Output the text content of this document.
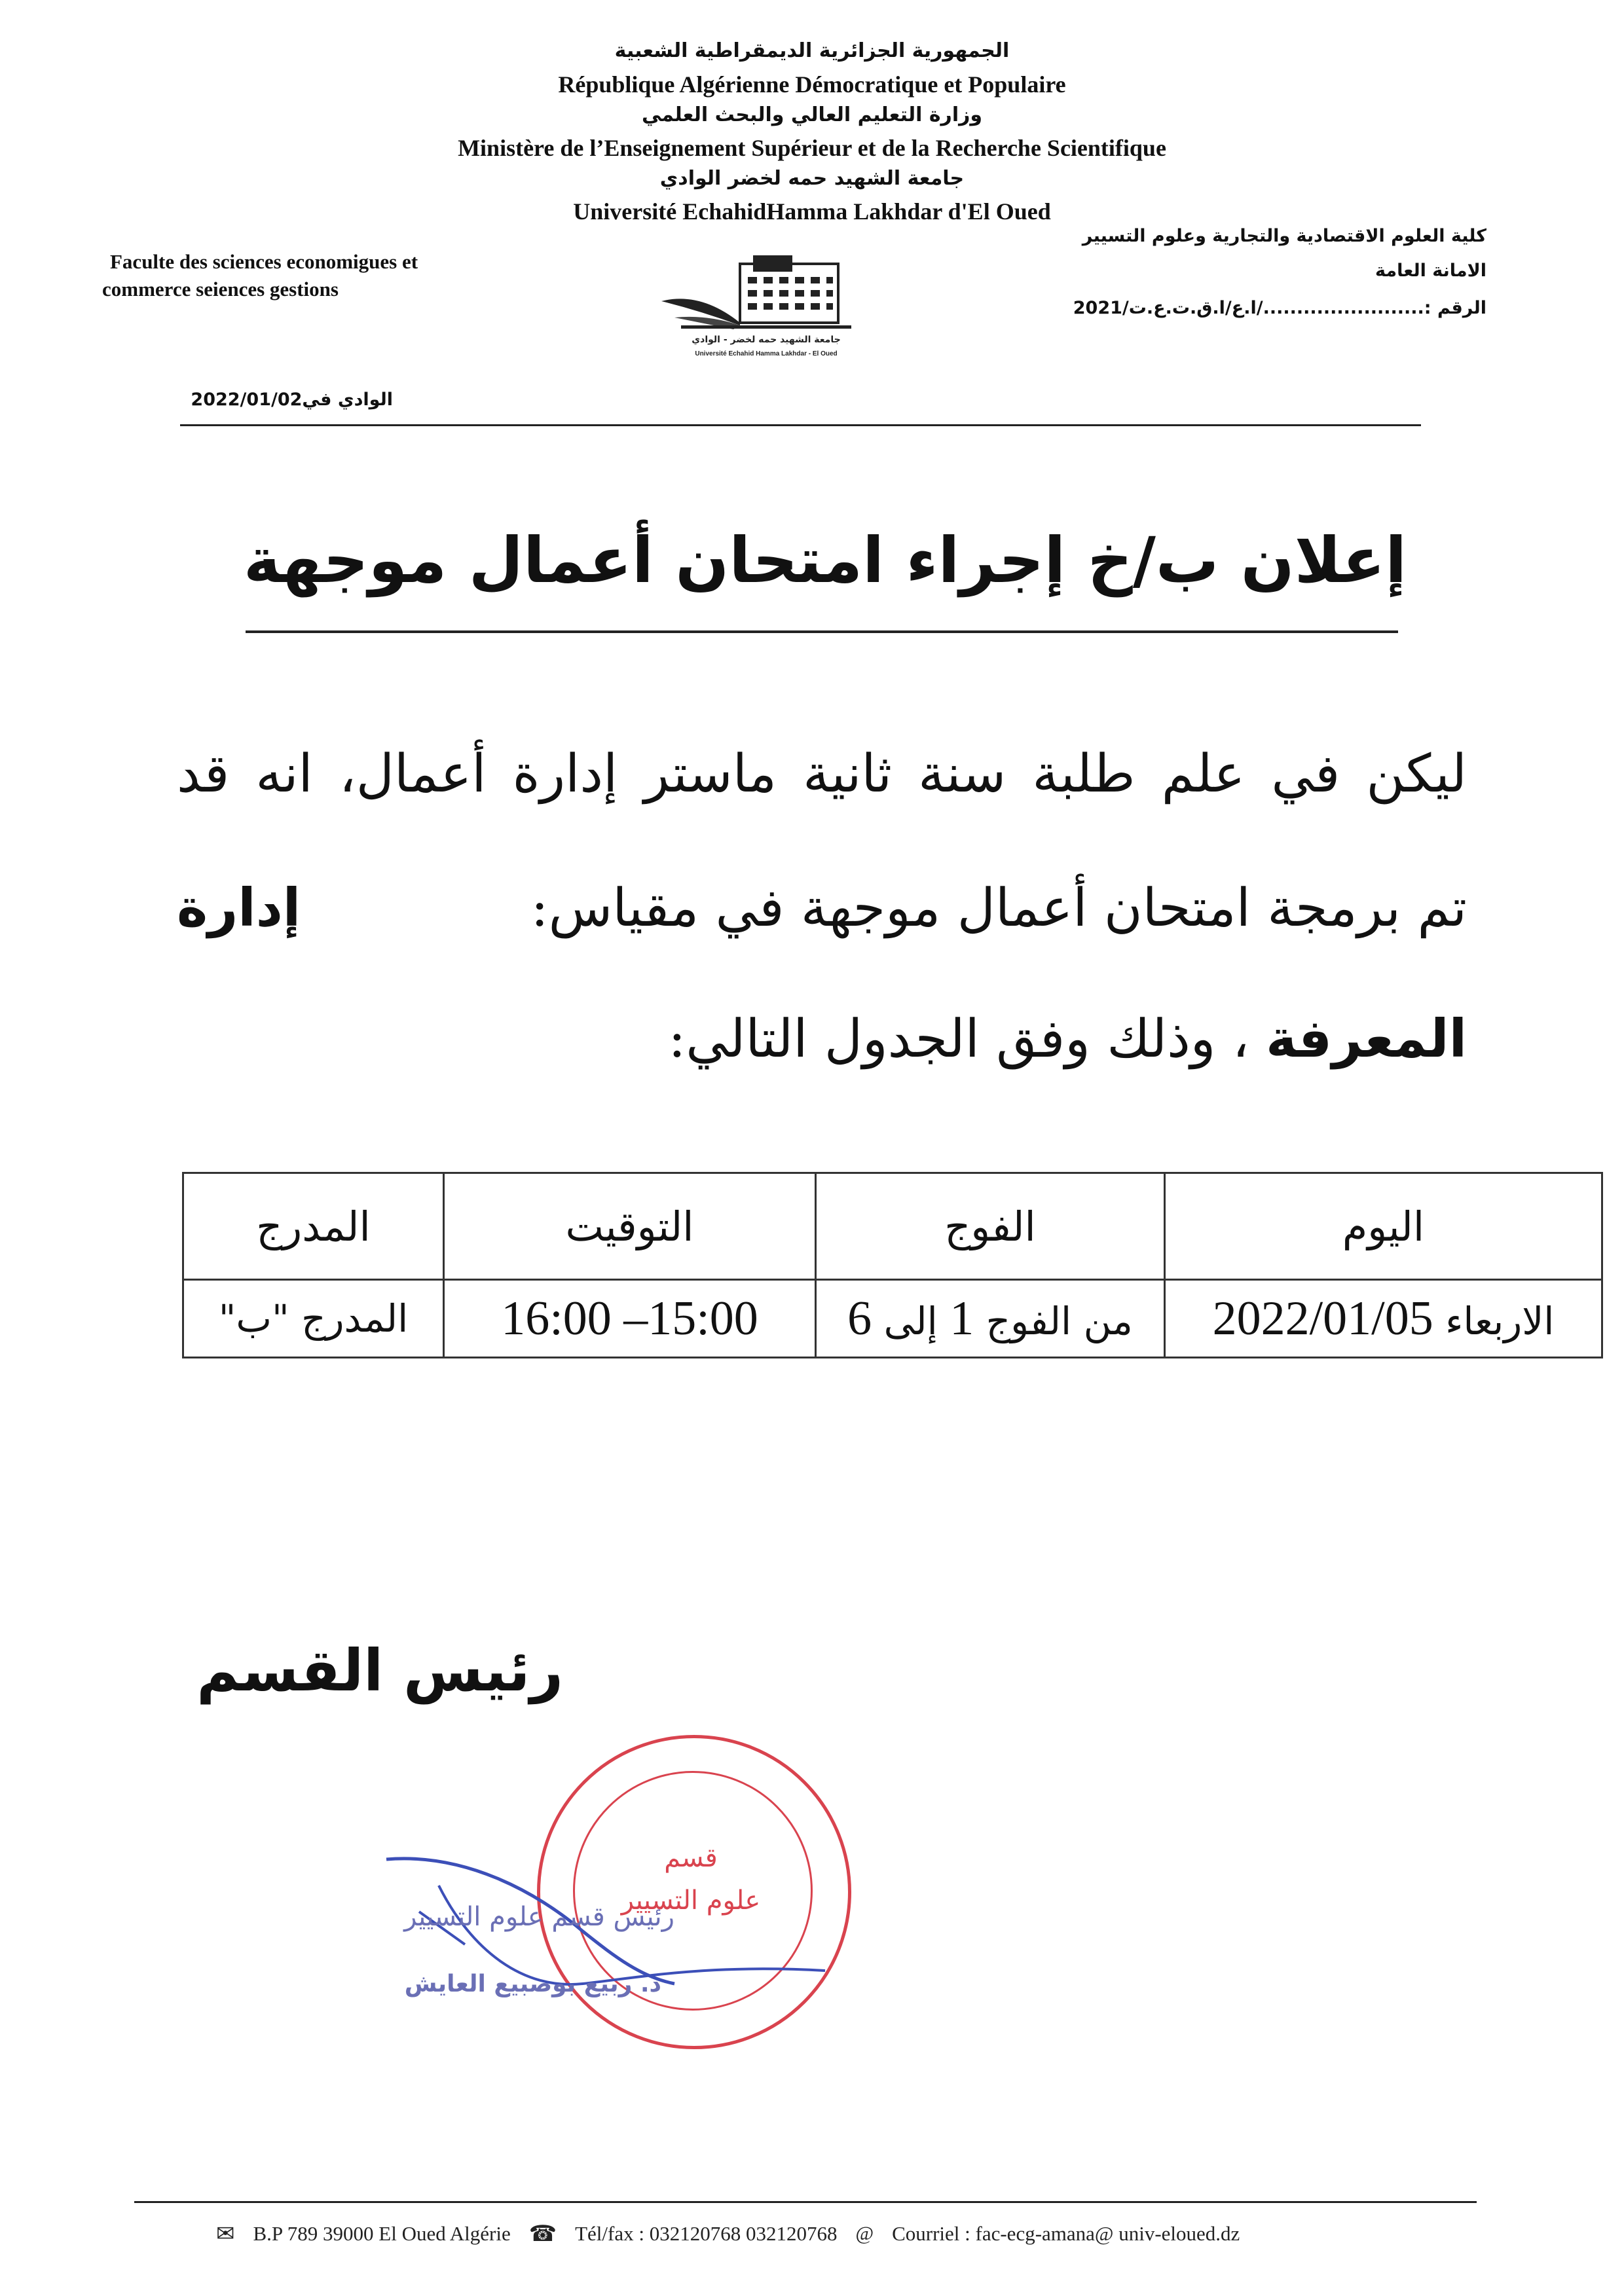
الجمهورية الجزائرية الديمقراطية الشعبية
République Algérienne Démocratique et Populaire
وزارة التعليم العالي والبحث العلمي
Ministère de l’Enseignement Supérieur et de la Recherche Scientifique
جامعة الشهيد حمه لخضر الوادي
Université EchahidHamma Lakhdar d'El Oued
Faculte des sciences economigues et
commerce seiences gestions
كلية العلوم الاقتصادية والتجارية وعلوم التسيير
الامانة العامة
الرقم :......................../ا.ع/ا.ق.ت.ع.ت/2021
جامعة الشهيد حمه لخضر - الوادي
Université Echahid Hamma Lakhdar - El Oued
الوادي في2022/01/02
إعلان ب/خ إجراء امتحان أعمال موجهة
ليكن في علم طلبة سنة ثانية ماستر إدارة أعمال، انه قد
تم برمجة امتحان أعمال موجهة في مقياس:
إدارة
المعرفة ، وذلك وفق الجدول التالي:
اليوم	الفوج	التوقيت	المدرج
الاربعاء 2022/01/05	من الفوج 1 إلى 6	16:00 –15:00	المدرج "ب"
رئيس القسم
قسم
علوم التسيير
رئيس قسم علوم التسيير
د. ربيع بوصبيع العايش
✉ B.P 789 39000 El Oued Algérie ☎ Tél/fax : 032120768 032120768 @ Courriel : fac-ecg-amana@ univ-eloued.dz
